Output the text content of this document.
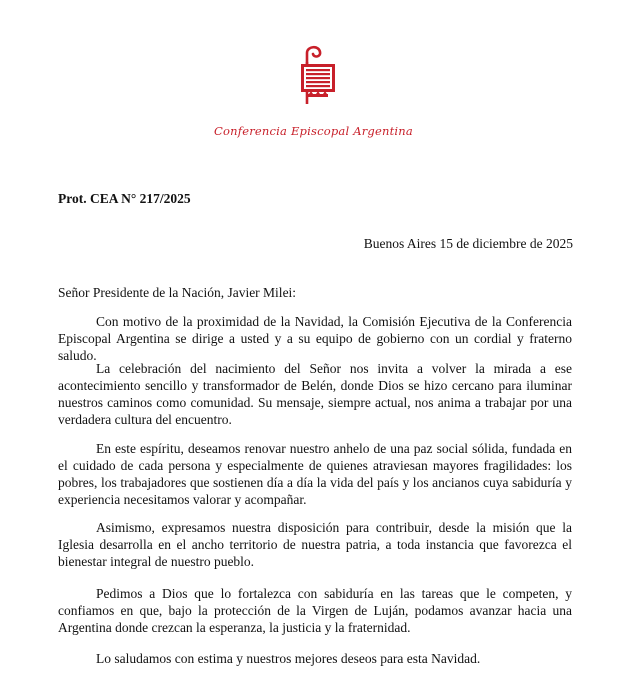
Conferencia Episcopal Argentina
Prot. CEA N° 217/2025
Buenos Aires 15 de diciembre de 2025
Señor Presidente de la Nación, Javier Milei:

Con motivo de la proximidad de la Navidad, la Comisión Ejecutiva de la Conferencia Episcopal Argentina se dirige a usted y a su equipo de gobierno con un cordial y fraterno saludo.

La celebración del nacimiento del Señor nos invita a volver la mirada a ese acontecimiento sencillo y transformador de Belén, donde Dios se hizo cercano para iluminar nuestros caminos como comunidad. Su mensaje, siempre actual, nos anima a trabajar por una verdadera cultura del encuentro.

En este espíritu, deseamos renovar nuestro anhelo de una paz social sólida, fundada en el cuidado de cada persona y especialmente de quienes atraviesan mayores fragilidades: los pobres, los trabajadores que sostienen día a día la vida del país y los ancianos cuya sabiduría y experiencia necesitamos valorar y acompañar.

Asimismo, expresamos nuestra disposición para contribuir, desde la misión que la Iglesia desarrolla en el ancho territorio de nuestra patria, a toda instancia que favorezca el bienestar integral de nuestro pueblo.

Pedimos a Dios que lo fortalezca con sabiduría en las tareas que le competen, y confiamos en que, bajo la protección de la Virgen de Luján, podamos avanzar hacia una Argentina donde crezcan la esperanza, la justicia y la fraternidad.

Lo saludamos con estima y nuestros mejores deseos para esta Navidad.
